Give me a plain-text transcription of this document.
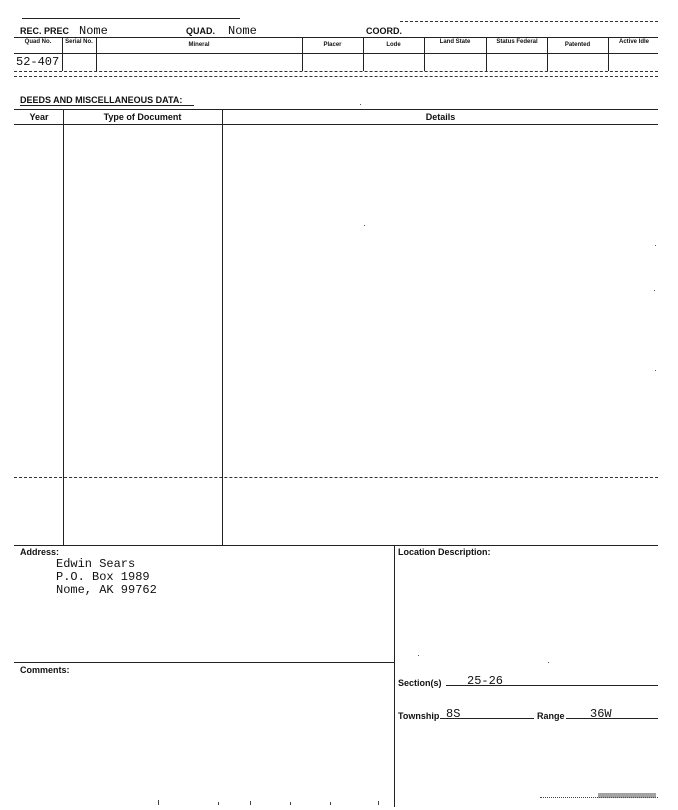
REC. PREC Nome	QUAD. Nome	COORD.
Quad No.	Serial No.	Mineral	Placer	Lode	Land State	Status Federal	Patented	Active Idle
52-407
DEEDS AND MISCELLANEOUS DATA:
Year	Type of Document	Details
Address:
Edwin Sears
P.O. Box 1989
Nome, AK 99762
Location Description:
Comments:
Section(s) 25-26
Township 8S	Range 36W
